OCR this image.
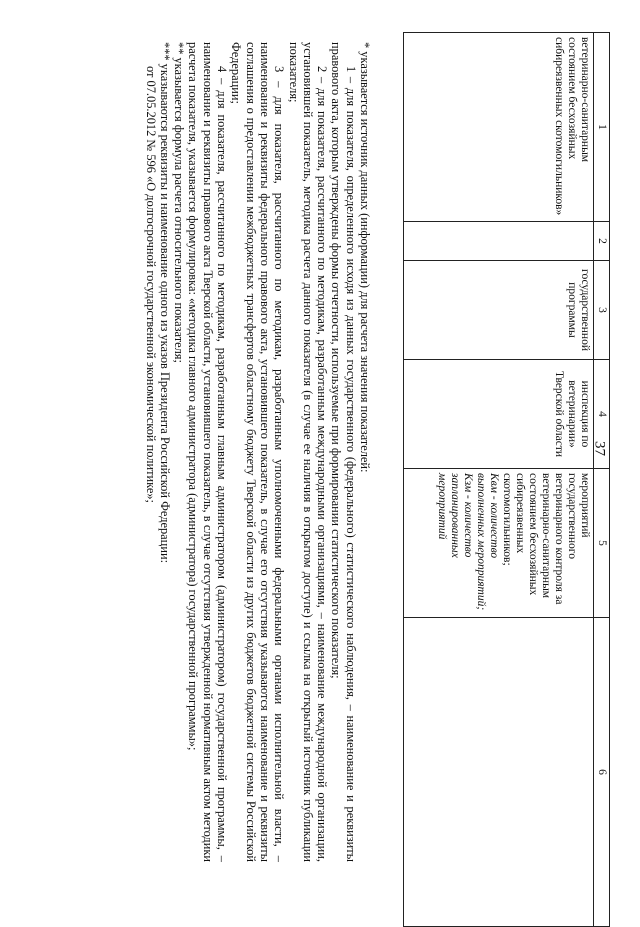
37
1	2	3	4	5	6
ветеринарно-санитарным состоянием бесхозяйных сибиреязвенных скотомогильников»		государственной программы	инспекция по ветеринарии» Тверской области	мероприятий государственного ветеринарного контроля за ветеринарно-санитарным состоянием бесхозяйных сибиреязвенных скотомогильников;
Квм - количество выполненных мероприятий;
Кзм - количество запланированных мероприятий	

* указывается источник данных (информации) для расчета значения показателей:

1 – для показателя, определенного исходя из данных государственного (федерального) статистического наблюдения, – наименование и реквизиты правового акта, которым утверждены формы отчетности, используемые при формировании статистического показателя;

2 – для показателя, рассчитанного по методикам, разработанным международными организациями, – наименование международной организации, установившей показатель, методика расчета данного показателя (в случае ее наличия в открытом доступе) и ссылка на открытый источник публикации показателя;

3 – для показателя, рассчитанного по методикам, разработанным уполномоченными федеральными органами исполнительной власти, – наименование и реквизиты федерального правового акта, установившего показатель, в случае его отсутствия указываются наименование и реквизиты соглашения о предоставлении межбюджетных трансфертов областному бюджету Тверской области из других бюджетов бюджетной системы Российской Федерации;

4 – для показателя, рассчитанного по методикам, разработанным главным администратором (администратором) государственной программы, – наименование и реквизиты правового акта Тверской области, установившего показатель, в случае отсутствия утвержденной нормативным актом методики расчета показателя, указывается формулировка: «методика главного администратора (администратора) государственной программы»;

** указывается формула расчета относительного показателя;

*** указываются реквизиты и наименование одного из указов Президента Российской Федерации:

от 07.05.2012 № 596 «О долгосрочной государственной экономической политике»;
